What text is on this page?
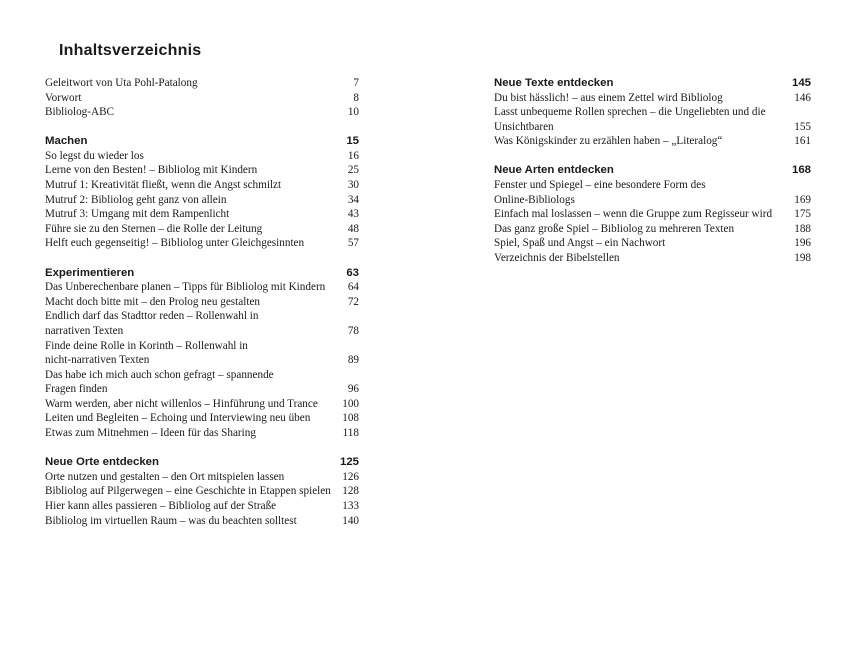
Inhaltsverzeichnis
Geleitwort von Uta Pohl-Patalong	7
Vorwort	8
Bibliolog-ABC	10
Machen	15
So legst du wieder los	16
Lerne von den Besten! – Bibliolog mit Kindern	25
Mutruf 1: Kreativität fließt, wenn die Angst schmilzt	30
Mutruf 2: Bibliolog geht ganz von allein	34
Mutruf 3: Umgang mit dem Rampenlicht	43
Führe sie zu den Sternen – die Rolle der Leitung	48
Helft euch gegenseitig! – Bibliolog unter Gleichgesinnten	57
Experimentieren	63
Das Unberechenbare planen – Tipps für Bibliolog mit Kindern	64
Macht doch bitte mit – den Prolog neu gestalten	72
Endlich darf das Stadttor reden – Rollenwahl in
narrativen Texten	78
Finde deine Rolle in Korinth – Rollenwahl in
nicht-narrativen Texten	89
Das habe ich mich auch schon gefragt – spannende
Fragen finden	96
Warm werden, aber nicht willenlos – Hinführung und Trance	100
Leiten und Begleiten – Echoing und Interviewing neu üben	108
Etwas zum Mitnehmen – Ideen für das Sharing	118
Neue Orte entdecken	125
Orte nutzen und gestalten – den Ort mitspielen lassen	126
Bibliolog auf Pilgerwegen – eine Geschichte in Etappen spielen	128
Hier kann alles passieren – Bibliolog auf der Straße	133
Bibliolog im virtuellen Raum – was du beachten solltest	140
Neue Texte entdecken	145
Du bist hässlich! – aus einem Zettel wird Bibliolog	146
Lasst unbequeme Rollen sprechen – die Ungeliebten und die
Unsichtbaren	155
Was Königskinder zu erzählen haben – „Literalog“	161
Neue Arten entdecken	168
Fenster und Spiegel – eine besondere Form des
Online-Bibliologs	169
Einfach mal loslassen – wenn die Gruppe zum Regisseur wird	175
Das ganz große Spiel – Bibliolog zu mehreren Texten	188
Spiel, Spaß und Angst – ein Nachwort	196
Verzeichnis der Bibelstellen	198
